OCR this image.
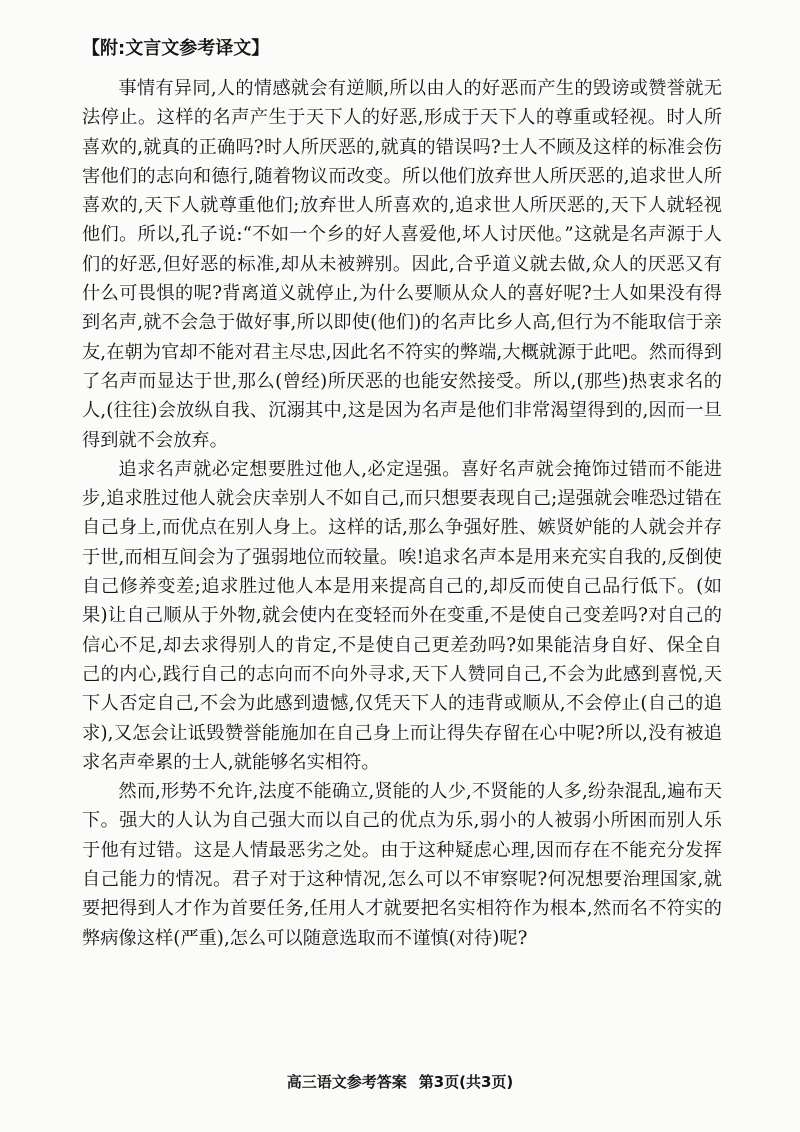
【附:文言文参考译文】

事情有异同,人的情感就会有逆顺,所以由人的好恶而产生的毁谤或赞誉就无法停止。这样的名声产生于天下人的好恶,形成于天下人的尊重或轻视。时人所喜欢的,就真的正确吗?时人所厌恶的,就真的错误吗?士人不顾及这样的标准会伤害他们的志向和德行,随着物议而改变。所以他们放弃世人所厌恶的,追求世人所喜欢的,天下人就尊重他们;放弃世人所喜欢的,追求世人所厌恶的,天下人就轻视他们。所以,孔子说:“不如一个乡的好人喜爱他,坏人讨厌他。”这就是名声源于人们的好恶,但好恶的标准,却从未被辨别。因此,合乎道义就去做,众人的厌恶又有什么可畏惧的呢?背离道义就停止,为什么要顺从众人的喜好呢?士人如果没有得到名声,就不会急于做好事,所以即使(他们)的名声比乡人高,但行为不能取信于亲友,在朝为官却不能对君主尽忠,因此名不符实的弊端,大概就源于此吧。然而得到了名声而显达于世,那么(曾经)所厌恶的也能安然接受。所以,(那些)热衷求名的人,(往往)会放纵自我、沉溺其中,这是因为名声是他们非常渴望得到的,因而一旦得到就不会放弃。

追求名声就必定想要胜过他人,必定逞强。喜好名声就会掩饰过错而不能进步,追求胜过他人就会庆幸别人不如自己,而只想要表现自己;逞强就会唯恐过错在自己身上,而优点在别人身上。这样的话,那么争强好胜、嫉贤妒能的人就会并存于世,而相互间会为了强弱地位而较量。唉!追求名声本是用来充实自我的,反倒使自己修养变差;追求胜过他人本是用来提高自己的,却反而使自己品行低下。(如果)让自己顺从于外物,就会使内在变轻而外在变重,不是使自己变差吗?对自己的信心不足,却去求得别人的肯定,不是使自己更差劲吗?如果能洁身自好、保全自己的内心,践行自己的志向而不向外寻求,天下人赞同自己,不会为此感到喜悦,天下人否定自己,不会为此感到遗憾,仅凭天下人的违背或顺从,不会停止(自己的追求),又怎会让诋毁赞誉能施加在自己身上而让得失存留在心中呢?所以,没有被追求名声牵累的士人,就能够名实相符。

然而,形势不允许,法度不能确立,贤能的人少,不贤能的人多,纷杂混乱,遍布天下。强大的人认为自己强大而以自己的优点为乐,弱小的人被弱小所困而别人乐于他有过错。这是人情最恶劣之处。由于这种疑虑心理,因而存在不能充分发挥自己能力的情况。君子对于这种情况,怎么可以不审察呢?何况想要治理国家,就要把得到人才作为首要任务,任用人才就要把名实相符作为根本,然而名不符实的弊病像这样(严重),怎么可以随意选取而不谨慎(对待)呢?

高三语文参考答案 第3页(共3页)
